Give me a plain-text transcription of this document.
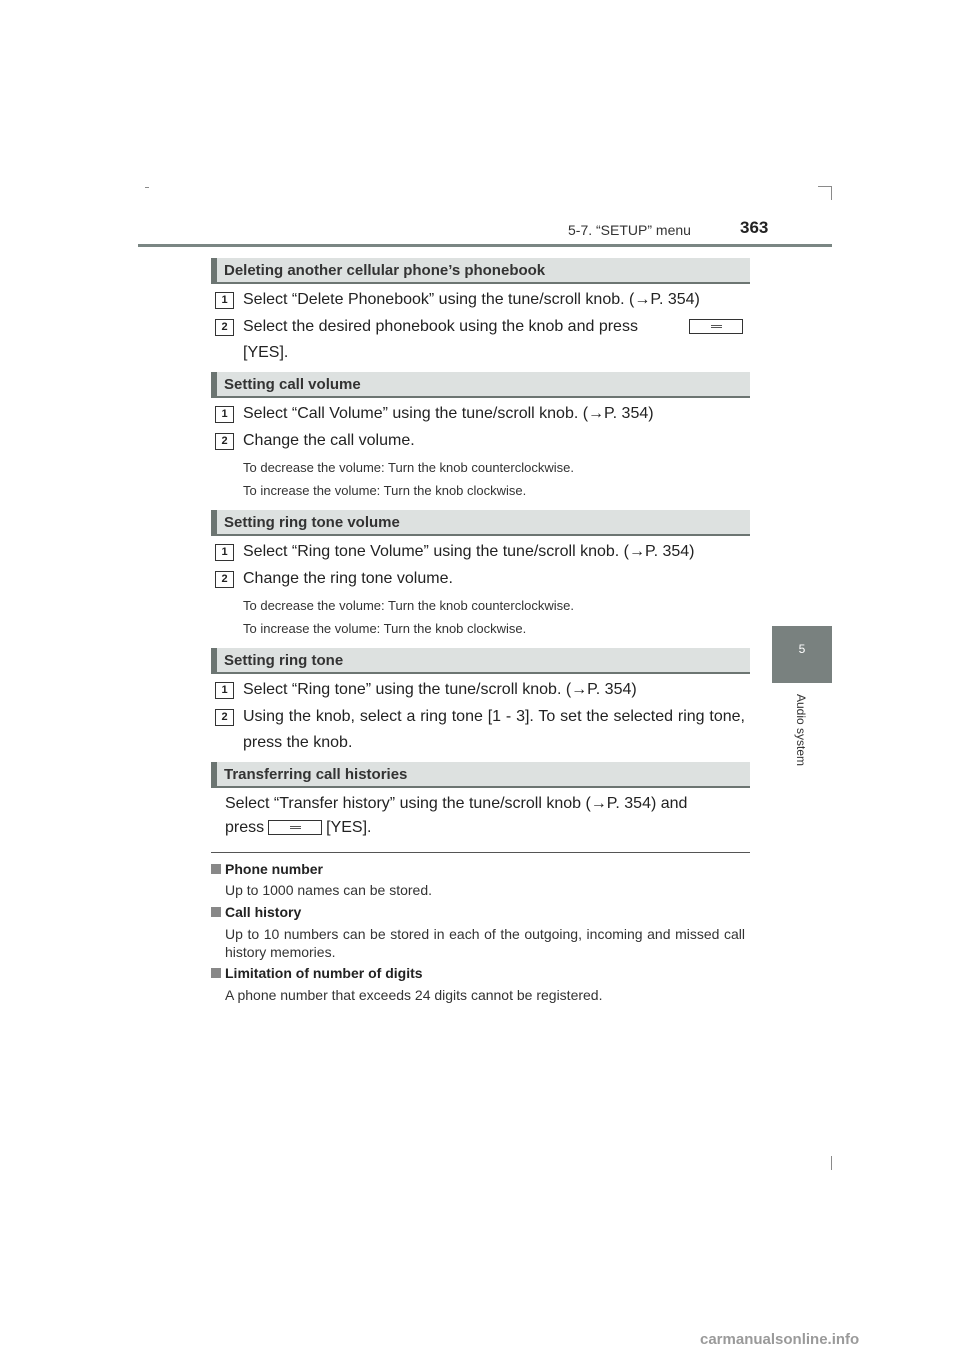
5-7. “SETUP” menu	363
5
Audio system
Deleting another cellular phone’s phonebook
1 Select “Delete Phonebook” using the tune/scroll knob. (→P. 354)
2 Select the desired phonebook using the knob and press
[YES].
Setting call volume
1 Select “Call Volume” using the tune/scroll knob. (→P. 354)
2 Change the call volume.
To decrease the volume: Turn the knob counterclockwise.
To increase the volume: Turn the knob clockwise.
Setting ring tone volume
1 Select “Ring tone Volume” using the tune/scroll knob. (→P. 354)
2 Change the ring tone volume.
To decrease the volume: Turn the knob counterclockwise.
To increase the volume: Turn the knob clockwise.
Setting ring tone
1 Select “Ring tone” using the tune/scroll knob. (→P. 354)
2 Using the knob, select a ring tone [1 - 3]. To set the selected ring tone, press the knob.
Transferring call histories
Select “Transfer history” using the tune/scroll knob (→P. 354) and
press	[YES].
Phone number
Up to 1000 names can be stored.
Call history
Up to 10 numbers can be stored in each of the outgoing, incoming and missed call history memories.
Limitation of number of digits
A phone number that exceeds 24 digits cannot be registered.
carmanualsonline.info
